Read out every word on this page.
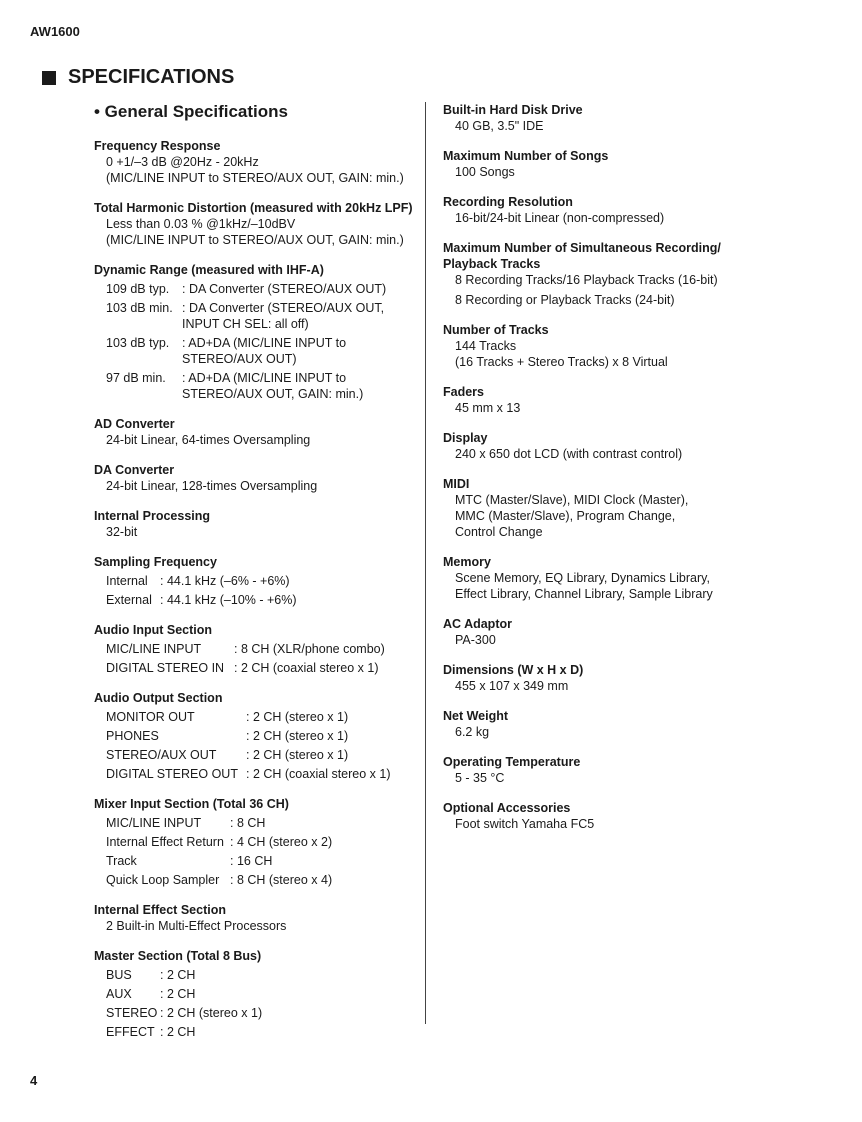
AW1600
SPECIFICATIONS
• General Specifications
Frequency Response
0 +1/–3 dB @20Hz - 20kHz
(MIC/LINE INPUT to STEREO/AUX OUT, GAIN: min.)
Total Harmonic Distortion (measured with 20kHz LPF)
Less than 0.03 % @1kHz/–10dBV
(MIC/LINE INPUT to STEREO/AUX OUT, GAIN: min.)
Dynamic Range (measured with IHF-A)
109 dB typ.	: DA Converter (STEREO/AUX OUT)
103 dB min. : DA Converter (STEREO/AUX OUT, INPUT CH SEL: all off)
103 dB typ.	: AD+DA (MIC/LINE INPUT to STEREO/AUX OUT)
97 dB min.	: AD+DA (MIC/LINE INPUT to STEREO/AUX OUT, GAIN: min.)
AD Converter
24-bit Linear, 64-times Oversampling
DA Converter
24-bit Linear, 128-times Oversampling
Internal Processing
32-bit
Sampling Frequency
Internal : 44.1 kHz (–6% - +6%)
External : 44.1 kHz (–10% - +6%)
Audio Input Section
MIC/LINE INPUT	: 8 CH (XLR/phone combo)
DIGITAL STEREO IN : 2 CH (coaxial stereo x 1)
Audio Output Section
MONITOR OUT	: 2 CH (stereo x 1)
PHONES	: 2 CH (stereo x 1)
STEREO/AUX OUT	: 2 CH (stereo x 1)
DIGITAL STEREO OUT : 2 CH (coaxial stereo x 1)
Mixer Input Section (Total 36 CH)
MIC/LINE INPUT	: 8 CH
Internal Effect Return : 4 CH (stereo x 2)
Track	: 16 CH
Quick Loop Sampler : 8 CH (stereo x 4)
Internal Effect Section
2 Built-in Multi-Effect Processors
Master Section (Total 8 Bus)
BUS	: 2 CH
AUX	: 2 CH
STEREO : 2 CH (stereo x 1)
EFFECT : 2 CH
Built-in Hard Disk Drive
40 GB, 3.5" IDE
Maximum Number of Songs
100 Songs
Recording Resolution
16-bit/24-bit Linear (non-compressed)
Maximum Number of Simultaneous Recording/
Playback Tracks
8 Recording Tracks/16 Playback Tracks (16-bit)
8 Recording or Playback Tracks (24-bit)
Number of Tracks
144 Tracks
(16 Tracks + Stereo Tracks) x 8 Virtual
Faders
45 mm x 13
Display
240 x 650 dot LCD (with contrast control)
MIDI
MTC (Master/Slave), MIDI Clock (Master),
MMC (Master/Slave), Program Change,
Control Change
Memory
Scene Memory, EQ Library, Dynamics Library,
Effect Library, Channel Library, Sample Library
AC Adaptor
PA-300
Dimensions (W x H x D)
455 x 107 x 349 mm
Net Weight
6.2 kg
Operating Temperature
5 - 35 °C
Optional Accessories
Foot switch Yamaha FC5
4
